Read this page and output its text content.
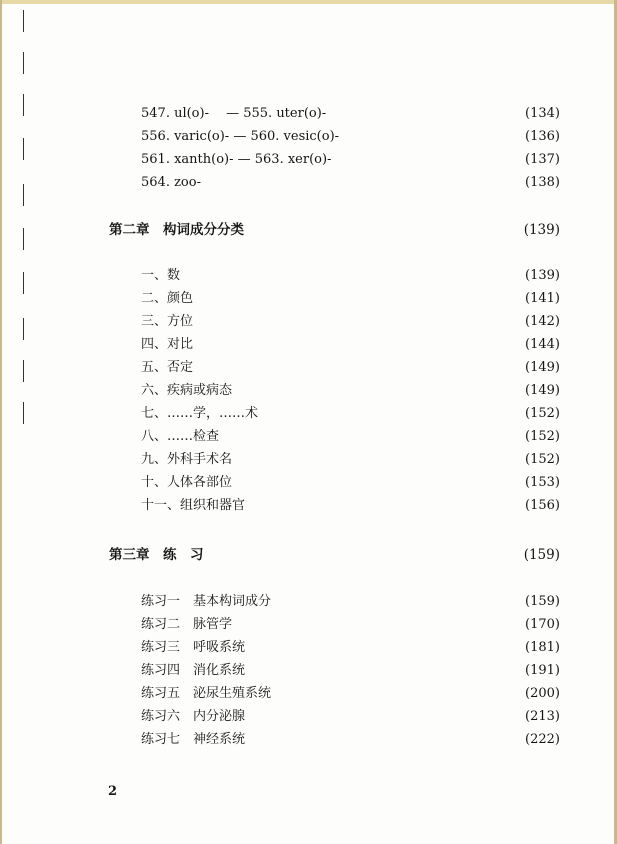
547. ul(o)-　 — 555. uter(o)-	(134)
556. varic(o)- — 560. vesic(o)-	(136)
561. xanth(o)- — 563. xer(o)-	(137)
564. zoo-	(138)
第二章　构词成分分类	(139)
一、数	(139)
二、颜色	(141)
三、方位	(142)
四、对比	(144)
五、否定	(149)
六、疾病或病态	(149)
七、……学，……术	(152)
八、……检查	(152)
九、外科手术名	(152)
十、人体各部位	(153)
十一、组织和器官	(156)
第三章　练　习	(159)
练习一　基本构词成分	(159)
练习二　脉管学	(170)
练习三　呼吸系统	(181)
练习四　消化系统	(191)
练习五　泌尿生殖系统	(200)
练习六　内分泌腺	(213)
练习七　神经系统	(222)
2
